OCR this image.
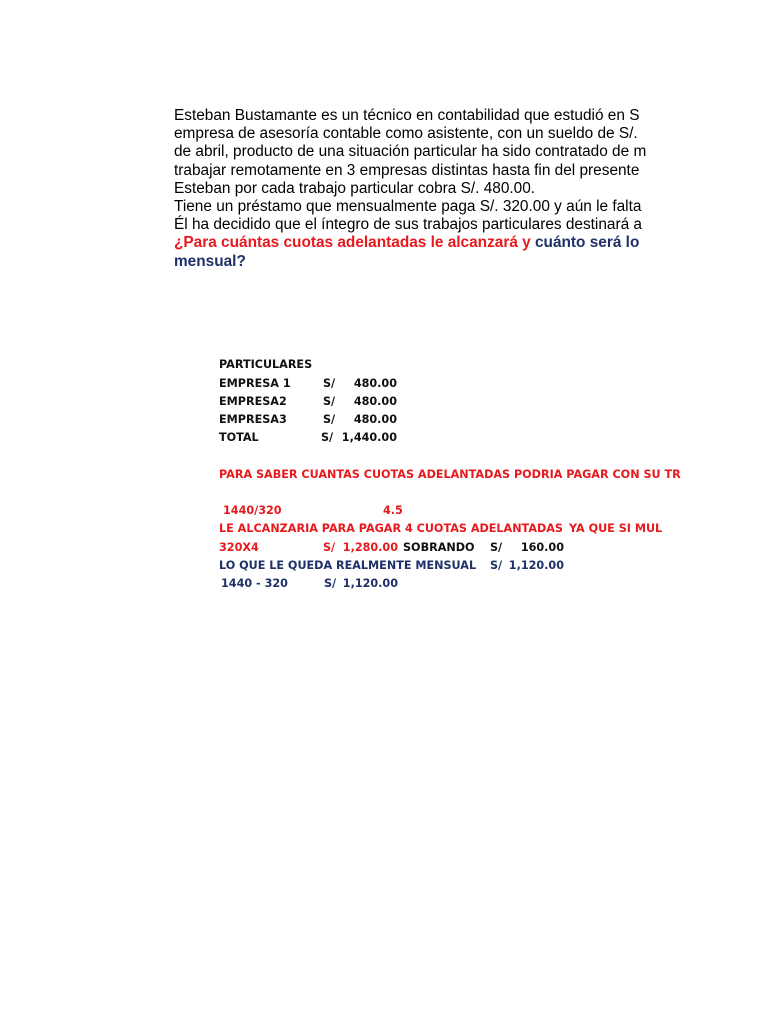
Esteban Bustamante es un técnico en contabilidad que estudió en S
empresa de asesoría contable como asistente, con un sueldo de S/.
de abril, producto de una situación particular ha sido contratado de m
trabajar remotamente en 3 empresas distintas hasta fin del presente
Esteban por cada trabajo particular cobra S/. 480.00.
Tiene un préstamo que mensualmente paga S/. 320.00 y aún le falta
Él ha decidido que el íntegro de sus trabajos particulares destinará a
¿Para cuántas cuotas adelantadas le alcanzará y cuánto será lo
mensual?
PARTICULARES
EMPRESA 1	S/	480.00
EMPRESA2	S/	480.00
EMPRESA3	S/	480.00
TOTAL	S/ 1,440.00
PARA SABER CUANTAS CUOTAS ADELANTADAS PODRIA PAGAR CON SU TR
1440/320	4.5
LE ALCANZARIA PARA PAGAR 4 CUOTAS ADELANTADAS YA QUE SI MUL
320X4	S/ 1,280.00 SOBRANDO S/	160.00
LO QUE LE QUEDA REALMENTE MENSUAL S/ 1,120.00
1440 - 320	S/ 1,120.00
